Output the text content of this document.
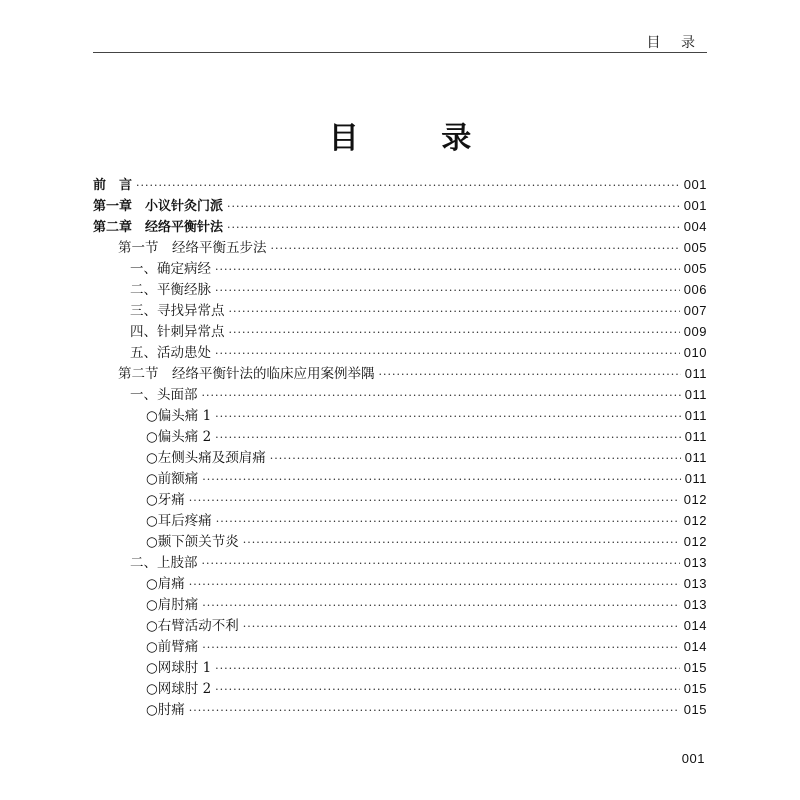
目 录
目 录
前　言 ·····	001
第一章　小议针灸门派 ·····	001
第二章　经络平衡针法 ·····	004
第一节　经络平衡五步法 ·····	005
一、确定病经 ·····	005
二、平衡经脉 ·····	006
三、寻找异常点 ·····	007
四、针刺异常点 ·····	009
五、活动患处 ·····	010
第二节　经络平衡针法的临床应用案例举隅 ·····	011
一、头面部 ·····	011
○偏头痛 1 ·····	011
○偏头痛 2 ·····	011
○左侧头痛及颈肩痛 ·····	011
○前额痛 ·····	011
○牙痛 ·····	012
○耳后疼痛 ·····	012
○颞下颌关节炎 ·····	012
二、上肢部 ·····	013
○肩痛 ·····	013
○肩肘痛 ·····	013
○右臂活动不利 ·····	014
○前臂痛 ·····	014
○网球肘 1 ·····	015
○网球肘 2 ·····	015
○肘痛 ·····	015
001
